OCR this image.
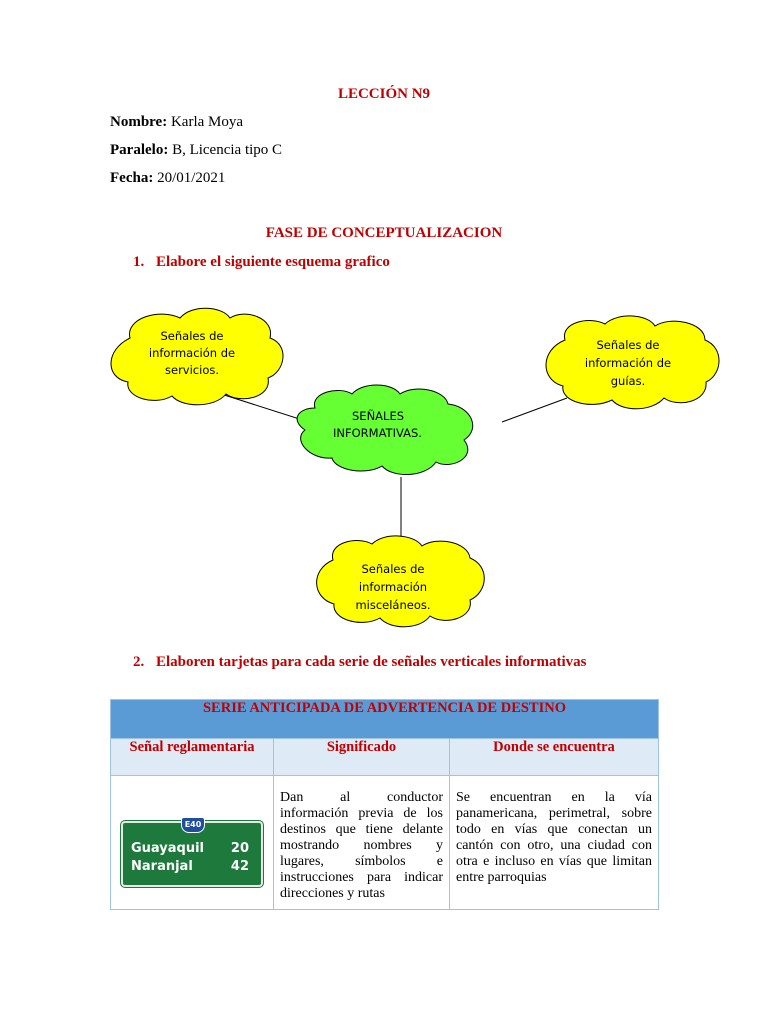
LECCIÓN N9
Nombre: Karla Moya
Paralelo: B, Licencia tipo C
Fecha: 20/01/2021
FASE DE CONCEPTUALIZACION
1. Elabore el siguiente esquema grafico
Señales de
información de
servicios.
Señales de
información de
guías.
SEÑALES
INFORMATIVAS.
Señales de
información
misceláneos.
2. Elaboren tarjetas para cada serie de señales verticales informativas
SERIE ANTICIPADA DE ADVERTENCIA DE DESTINO		

Señal reglamentaria	Significado	Donde se encuentra

E40
Guayaquil 20
Naranjal 42	Dan al conductor información previa de los destinos que tiene delante mostrando nombres y lugares, símbolos e instrucciones para indicar direcciones y rutas	Se encuentran en la vía panamericana, perimetral, sobre todo en vías que conectan un cantón con otro, una ciudad con otra e incluso en vías que limitan entre parroquias
